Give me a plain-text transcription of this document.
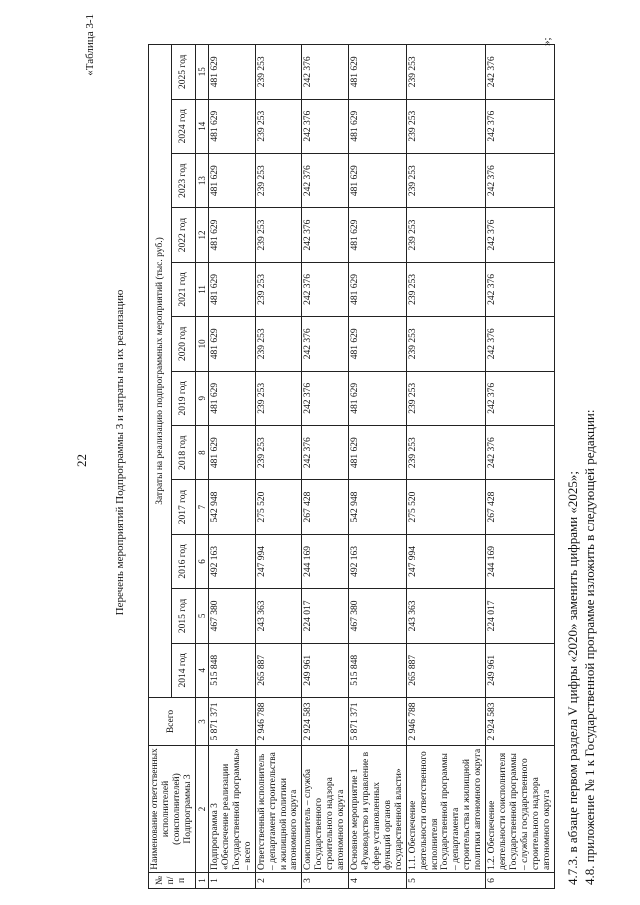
22
«Таблица 3-1
Перечень мероприятий Подпрограммы 3 и затраты на их реализацию
№ п/п	Наименование ответственных исполнителей (соисполнителей) Подпрограммы 3	Всего	Затраты на реализацию подпрограммных мероприятий (тыс. руб.)											
			2014 год	2015 год	2016 год	2017 год	2018 год	2019 год	2020 год	2021 год	2022 год	2023 год	2024 год	2025 год
1	2	3	4	5	6	7	8	9	10	11	12	13	14	15
1	Подпрограмма 3 «Обеспечение реализации Государственной программы» – всего	5 871 371	515 848	467 380	492 163	542 948	481 629	481 629	481 629	481 629	481 629	481 629	481 629	481 629
2	Ответственный исполнитель – департамент строительства и жилищной политики автономного округа	2 946 788	265 887	243 363	247 994	275 520	239 253	239 253	239 253	239 253	239 253	239 253	239 253	239 253
3	Соисполнитель – служба Государственного строительного надзора автономного округа	2 924 583	249 961	224 017	244 169	267 428	242 376	242 376	242 376	242 376	242 376	242 376	242 376	242 376
4	Основное мероприятие 1 «Руководство и управление в сфере установленных функций органов государственной власти»	5 871 371	515 848	467 380	492 163	542 948	481 629	481 629	481 629	481 629	481 629	481 629	481 629	481 629
5	1.1. Обеспечение деятельности ответственного исполнителя Государственной программы – департамента строительства и жилищной политики автономного округа	2 946 788	265 887	243 363	247 994	275 520	239 253	239 253	239 253	239 253	239 253	239 253	239 253	239 253
6	1.2. Обеспечение деятельности соисполнителя Государственной программы – службы государственного строительного надзора автономного округа	2 924 583	249 961	224 017	244 169	267 428	242 376	242 376	242 376	242 376	242 376	242 376	242 376	242 376
»;
4.7.3. в абзаце первом раздела V цифры «2020» заменить цифрами «2025»; 4.8. приложение № 1 к Государственной программе изложить в следующей редакции:
